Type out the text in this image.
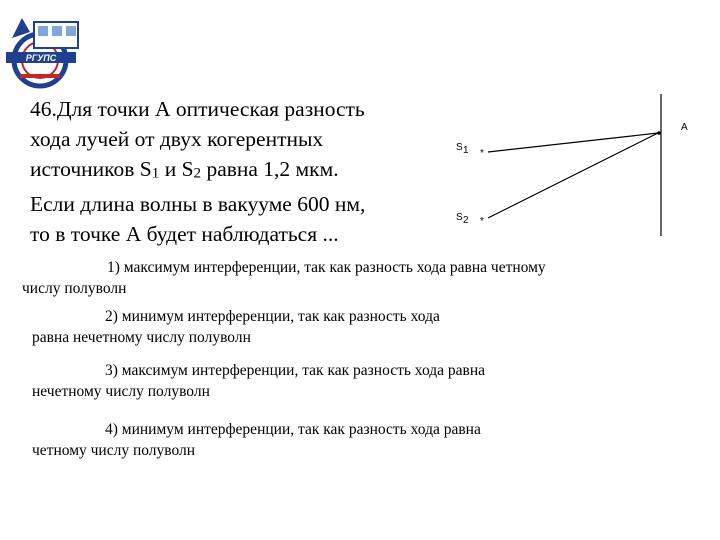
РГУПС
46.Для точки А оптическая разность
хода лучей от двух когерентных
источников $S_1$ и $S_2$ равна 1,2 мкм.
Если длина волны в вакууме 600 нм,
то в точке А будет наблюдаться ...
A
S 1 *
S 2 *
1) максимум интерференции, так как разность хода равна четному
числу полуволн
2) минимум интерференции, так как разность хода
равна нечетному числу полуволн
3) максимум интерференции, так как разность хода равна
нечетному числу полуволн
4) минимум интерференции, так как разность хода равна
четному числу полуволн
